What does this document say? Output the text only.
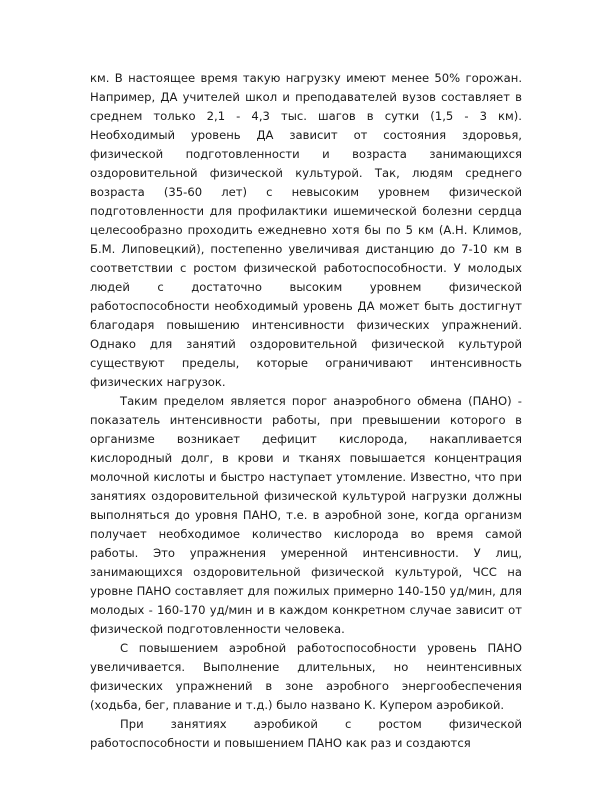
км. В настоящее время такую нагрузку имеют менее 50% горожан. Например, ДА учителей школ и преподавателей вузов составляет в среднем только 2,1 - 4,3 тыс. шагов в сутки (1,5 - 3 км). Необходимый уровень ДА зависит от состояния здоровья, физической подготовленности и возраста занимающихся оздоровительной физической культурой. Так, людям среднего возраста (35-60 лет) с невысоким уровнем физической подготовленности для профилактики ишемической болезни сердца целесообразно проходить ежедневно хотя бы по 5 км (А.Н. Климов, Б.М. Липовецкий), постепенно увеличивая дистанцию до 7-10 км в соответствии с ростом физической работоспособности. У молодых людей с достаточно высоким уровнем физической работоспособности необходимый уровень ДА может быть достигнут благодаря повышению интенсивности физических упражнений. Однако для занятий оздоровительной физической культурой существуют пределы, которые ограничивают интенсивность физических нагрузок.

Таким пределом является порог анаэробного обмена (ПАНО) - показатель интенсивности работы, при превышении которого в организме возникает дефицит кислорода, накапливается кислородный долг, в крови и тканях повышается концентрация молочной кислоты и быстро наступает утомление. Известно, что при занятиях оздоровительной физической культурой нагрузки должны выполняться до уровня ПАНО, т.е. в аэробной зоне, когда организм получает необходимое количество кислорода во время самой работы. Это упражнения умеренной интенсивности. У лиц, занимающихся оздоровительной физической культурой, ЧСС на уровне ПАНО составляет для пожилых примерно 140-150 уд/мин, для молодых - 160-170 уд/мин и в каждом конкретном случае зависит от физической подготовленности человека.

С повышением аэробной работоспособности уровень ПАНО увеличивается. Выполнение длительных, но неинтенсивных физических упражнений в зоне аэробного энергообеспечения (ходьба, бег, плавание и т.д.) было названо К. Купером аэробикой.

При занятиях аэробикой с ростом физической работоспособности и повышением ПАНО как раз и создаются
